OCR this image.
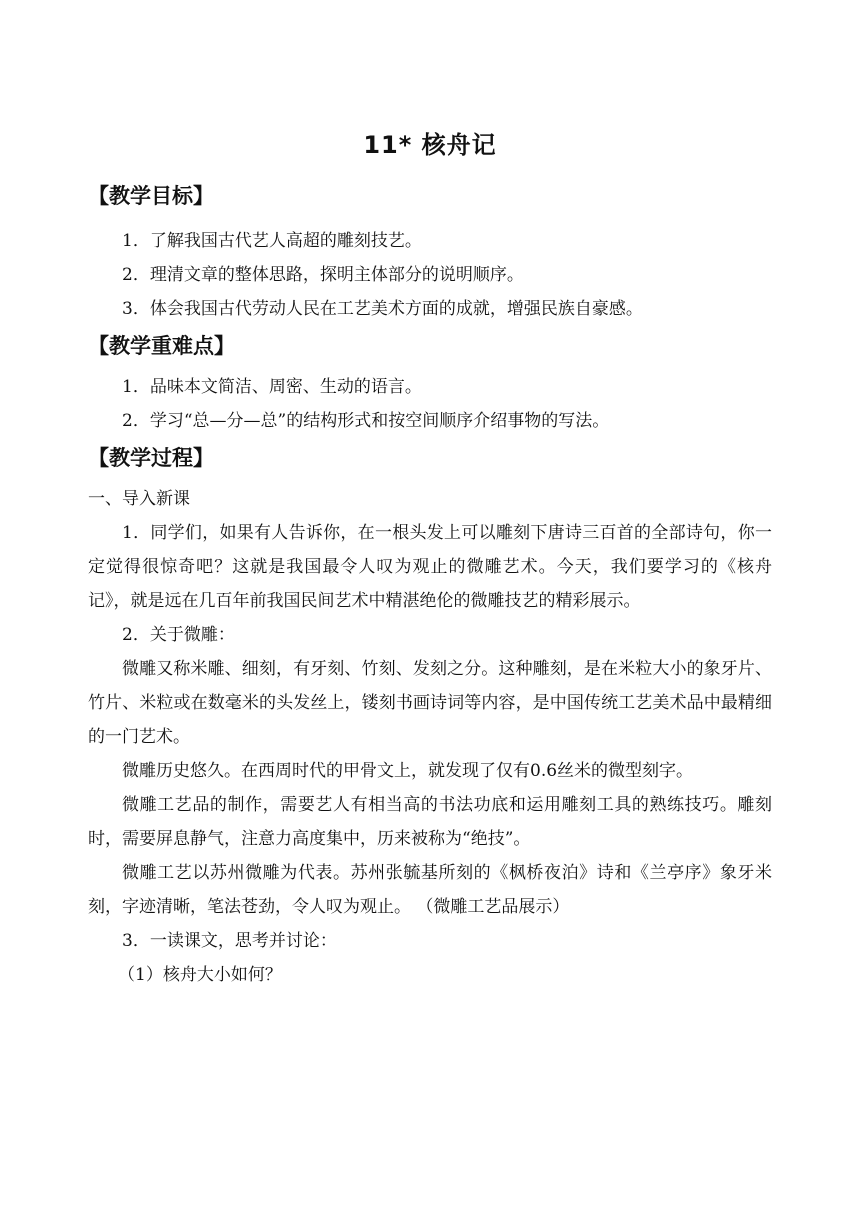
11* 核舟记
【教学目标】

1．了解我国古代艺人高超的雕刻技艺。

2．理清文章的整体思路，探明主体部分的说明顺序。

3．体会我国古代劳动人民在工艺美术方面的成就，增强民族自豪感。

【教学重难点】

1．品味本文简洁、周密、生动的语言。

2．学习“总—分—总”的结构形式和按空间顺序介绍事物的写法。

【教学过程】

一、导入新课

1．同学们，如果有人告诉你，在一根头发上可以雕刻下唐诗三百首的全部诗句，你一定觉得很惊奇吧？这就是我国最令人叹为观止的微雕艺术。今天，我们要学习的《核舟记》，就是远在几百年前我国民间艺术中精湛绝伦的微雕技艺的精彩展示。

2．关于微雕：

微雕又称米雕、细刻，有牙刻、竹刻、发刻之分。这种雕刻，是在米粒大小的象牙片、竹片、米粒或在数毫米的头发丝上，镂刻书画诗词等内容，是中国传统工艺美术品中最精细的一门艺术。

微雕历史悠久。在西周时代的甲骨文上，就发现了仅有0.6丝米的微型刻字。

微雕工艺品的制作，需要艺人有相当高的书法功底和运用雕刻工具的熟练技巧。雕刻时，需要屏息静气，注意力高度集中，历来被称为“绝技”。

微雕工艺以苏州微雕为代表。苏州张毓基所刻的《枫桥夜泊》诗和《兰亭序》象牙米刻，字迹清晰，笔法苍劲，令人叹为观止。 （微雕工艺品展示）

3．一读课文，思考并讨论：

（1）核舟大小如何？
